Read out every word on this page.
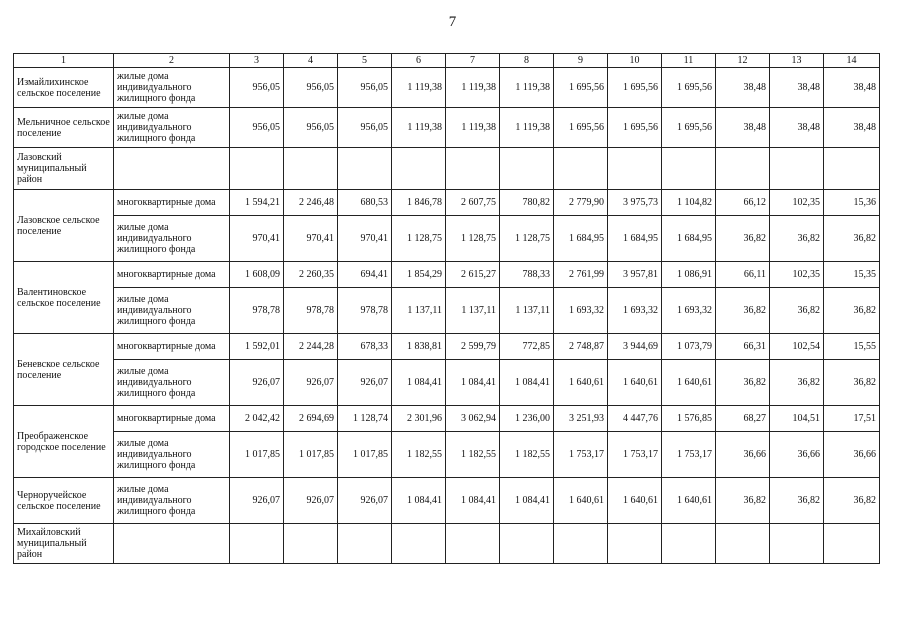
7
1	2	3	4	5	6	7	8	9	10	11	12	13	14
Измайлихинское сельское поселение	жилые дома индивидуального жилищного фонда	956,05	956,05	956,05	1 119,38	1 119,38	1 119,38	1 695,56	1 695,56	1 695,56	38,48	38,48	38,48
Мельничное сельское поселение	жилые дома индивидуального жилищного фонда	956,05	956,05	956,05	1 119,38	1 119,38	1 119,38	1 695,56	1 695,56	1 695,56	38,48	38,48	38,48
Лазовский муниципальный район													
Лазовское сельское поселение	многоквартирные дома	1 594,21	2 246,48	680,53	1 846,78	2 607,75	780,82	2 779,90	3 975,73	1 104,82	66,12	102,35	15,36
	жилые дома индивидуального жилищного фонда	970,41	970,41	970,41	1 128,75	1 128,75	1 128,75	1 684,95	1 684,95	1 684,95	36,82	36,82	36,82
Валентиновское сельское поселение	многоквартирные дома	1 608,09	2 260,35	694,41	1 854,29	2 615,27	788,33	2 761,99	3 957,81	1 086,91	66,11	102,35	15,35
	жилые дома индивидуального жилищного фонда	978,78	978,78	978,78	1 137,11	1 137,11	1 137,11	1 693,32	1 693,32	1 693,32	36,82	36,82	36,82
Беневское сельское поселение	многоквартирные дома	1 592,01	2 244,28	678,33	1 838,81	2 599,79	772,85	2 748,87	3 944,69	1 073,79	66,31	102,54	15,55
	жилые дома индивидуального жилищного фонда	926,07	926,07	926,07	1 084,41	1 084,41	1 084,41	1 640,61	1 640,61	1 640,61	36,82	36,82	36,82
Преображенское городское поселение	многоквартирные дома	2 042,42	2 694,69	1 128,74	2 301,96	3 062,94	1 236,00	3 251,93	4 447,76	1 576,85	68,27	104,51	17,51
	жилые дома индивидуального жилищного фонда	1 017,85	1 017,85	1 017,85	1 182,55	1 182,55	1 182,55	1 753,17	1 753,17	1 753,17	36,66	36,66	36,66
Черноручейское сельское поселение	жилые дома индивидуального жилищного фонда	926,07	926,07	926,07	1 084,41	1 084,41	1 084,41	1 640,61	1 640,61	1 640,61	36,82	36,82	36,82
Михайловский муниципальный район													
